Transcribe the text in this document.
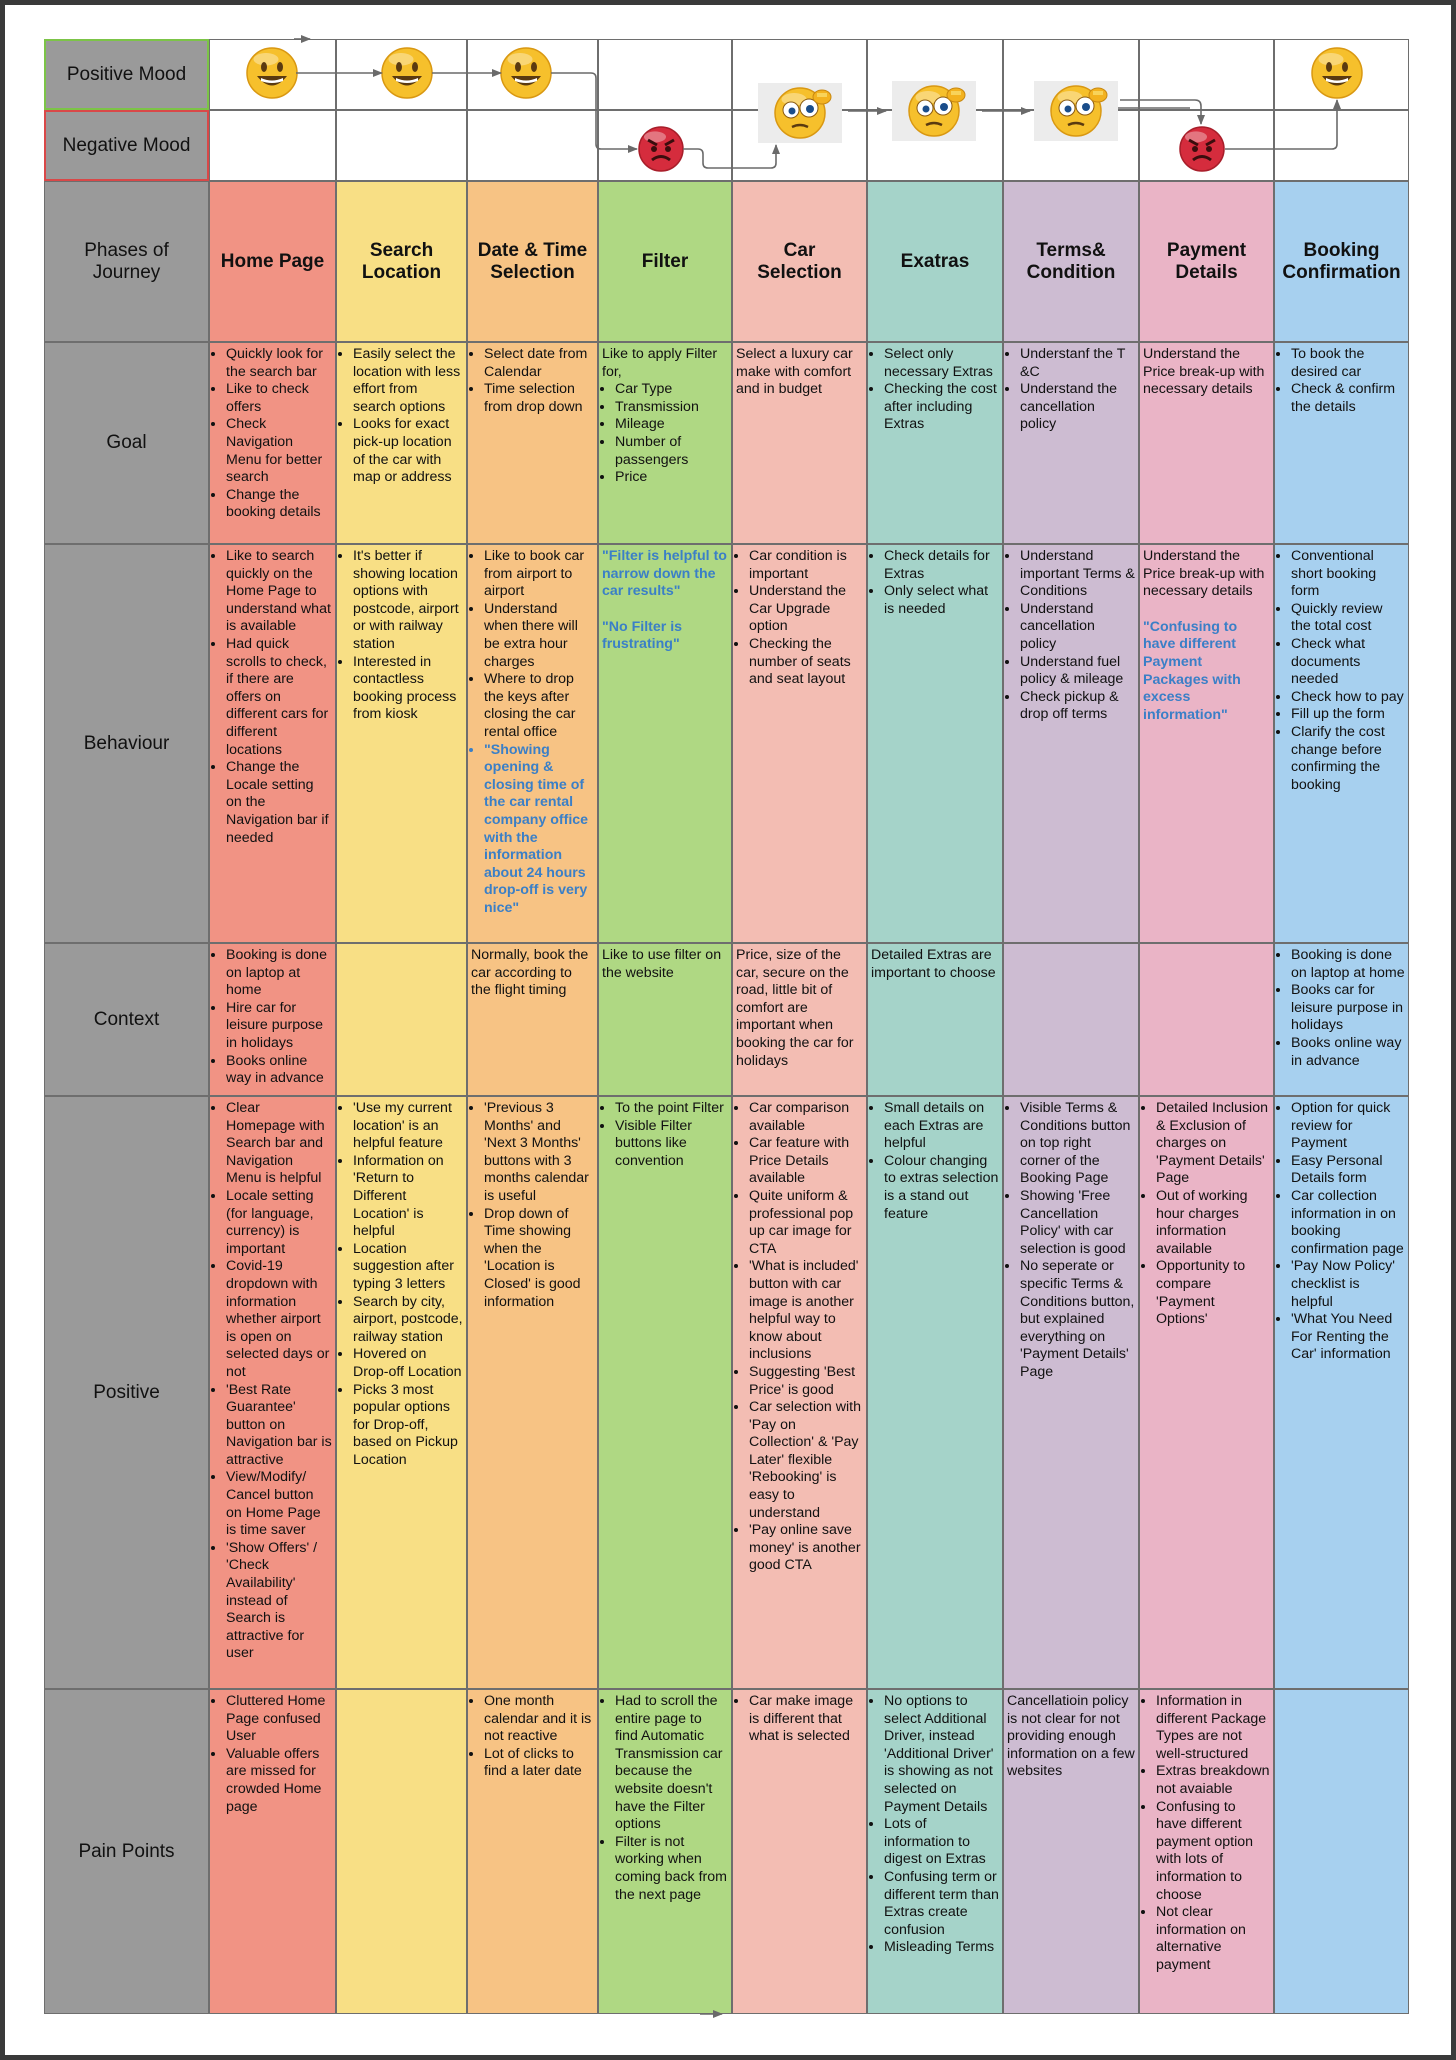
Positive Mood
Negative Mood
Phases of Journey
Goal
Behaviour
Context
Positive
Pain Points
Home Page
• Quickly look for the search bar
• Like to check offers
• Check Navigation Menu for better search
• Change the booking details
• Like to search quickly on the Home Page to understand what is available
• Had quick scrolls to check, if there are offers on different cars for different locations
• Change the Locale setting on the Navigation bar if needed
• Booking is done on laptop at home
• Hire car for leisure purpose in holidays
• Books online way in advance
• Clear Homepage with Search bar and Navigation Menu is helpful
• Locale setting (for language, currency) is important
• Covid-19 dropdown with information whether airport is open on selected days or not
• 'Best Rate Guarantee' button on Navigation bar is attractive
• View/Modify/ Cancel button on Home Page is time saver
• 'Show Offers' / 'Check Availability' instead of Search is attractive for user
• Cluttered Home Page confused User
• Valuable offers are missed for crowded Home page
Search Location
• Easily select the location with less effort from search options
• Looks for exact pick-up location of the car with map or address
• It's better if showing location options with postcode, airport or with railway station
• Interested in contactless booking process from kiosk
• 'Use my current location' is an helpful feature
• Information on 'Return to Different Location' is helpful
• Location suggestion after typing 3 letters
• Search by city, airport, postcode, railway station
• Hovered on Drop-off Location
• Picks 3 most popular options for Drop-off, based on Pickup Location
Date & Time Selection
• Select date from Calendar
• Time selection from drop down
• Like to book car from airport to airport
• Understand when there will be extra hour charges
• Where to drop the keys after closing the car rental office
• "Showing opening & closing time of the car rental company office with the information about 24 hours drop-off is very nice"

Normally, book the car according to the flight timing

• 'Previous 3 Months' and 'Next 3 Months' buttons with 3 months calendar is useful
• Drop down of Time showing when the 'Location is Closed' is good information
• One month calendar and it is not reactive
• Lot of clicks to find a later date
Filter

Like to apply Filter for,

• Car Type
• Transmission
• Mileage
• Number of passengers
• Price

"Filter is helpful to narrow down the car results"

"No Filter is frustrating"

Like to use filter on the website

• To the point Filter
• Visible Filter buttons like convention
• Had to scroll the entire page to find Automatic Transmission car because the website doesn't have the Filter options
• Filter is not working when coming back from the next page
Car Selection

Select a luxury car make with comfort and in budget

• Car condition is important
• Understand the Car Upgrade option
• Checking the number of seats and seat layout

Price, size of the car, secure on the road, little bit of comfort are important when booking the car for holidays

• Car comparison available
• Car feature with Price Details available
• Quite uniform & professional pop up car image for CTA
• 'What is included' button with car image is another helpful way to know about inclusions
• Suggesting 'Best Price' is good
• Car selection with 'Pay on Collection' & 'Pay Later' flexible 'Rebooking' is easy to understand
• 'Pay online save money' is another good CTA
• Car make image is different that what is selected
Exatras
• Select only necessary Extras
• Checking the cost after including Extras
• Check details for Extras
• Only select what is needed

Detailed Extras are important to choose

• Small details on each Extras are helpful
• Colour changing to extras selection is a stand out feature
• No options to select Additional Driver, instead 'Additional Driver' is showing as not selected on Payment Details
• Lots of information to digest on Extras
• Confusing term or different term than Extras create confusion
• Misleading Terms
Terms& Condition
• Understanf the T &C
• Understand the cancellation policy
• Understand important Terms & Conditions
• Understand cancellation policy
• Understand fuel policy & mileage
• Check pickup & drop off terms
• Visible Terms & Conditions button on top right corner of the Booking Page
• Showing 'Free Cancellation Policy' with car selection is good
• No seperate or specific Terms & Conditions button, but explained everything on 'Payment Details' Page

Cancellatioin policy is not clear for not providing enough information on a few websites

Payment Details

Understand the Price break-up with necessary details

Understand the Price break-up with necessary details

"Confusing to have different Payment Packages with excess information"

• Detailed Inclusion & Exclusion of charges on 'Payment Details' Page
• Out of working hour charges information available
• Opportunity to compare 'Payment Options'
• Information in different Package Types are not well-structured
• Extras breakdown not avaiable
• Confusing to have different payment option with lots of information to choose
• Not clear information on alternative payment
Booking Confirmation
• To book the desired car
• Check & confirm the details
• Conventional short booking form
• Quickly review the total cost
• Check what documents needed
• Check how to pay
• Fill up the form
• Clarify the cost change before confirming the booking
• Booking is done on laptop at home
• Books car for leisure purpose in holidays
• Books online way in advance
• Option for quick review for Payment
• Easy Personal Details form
• Car collection information in on booking confirmation page
• 'Pay Now Policy' checklist is helpful
• 'What You Need For Renting the Car' information
